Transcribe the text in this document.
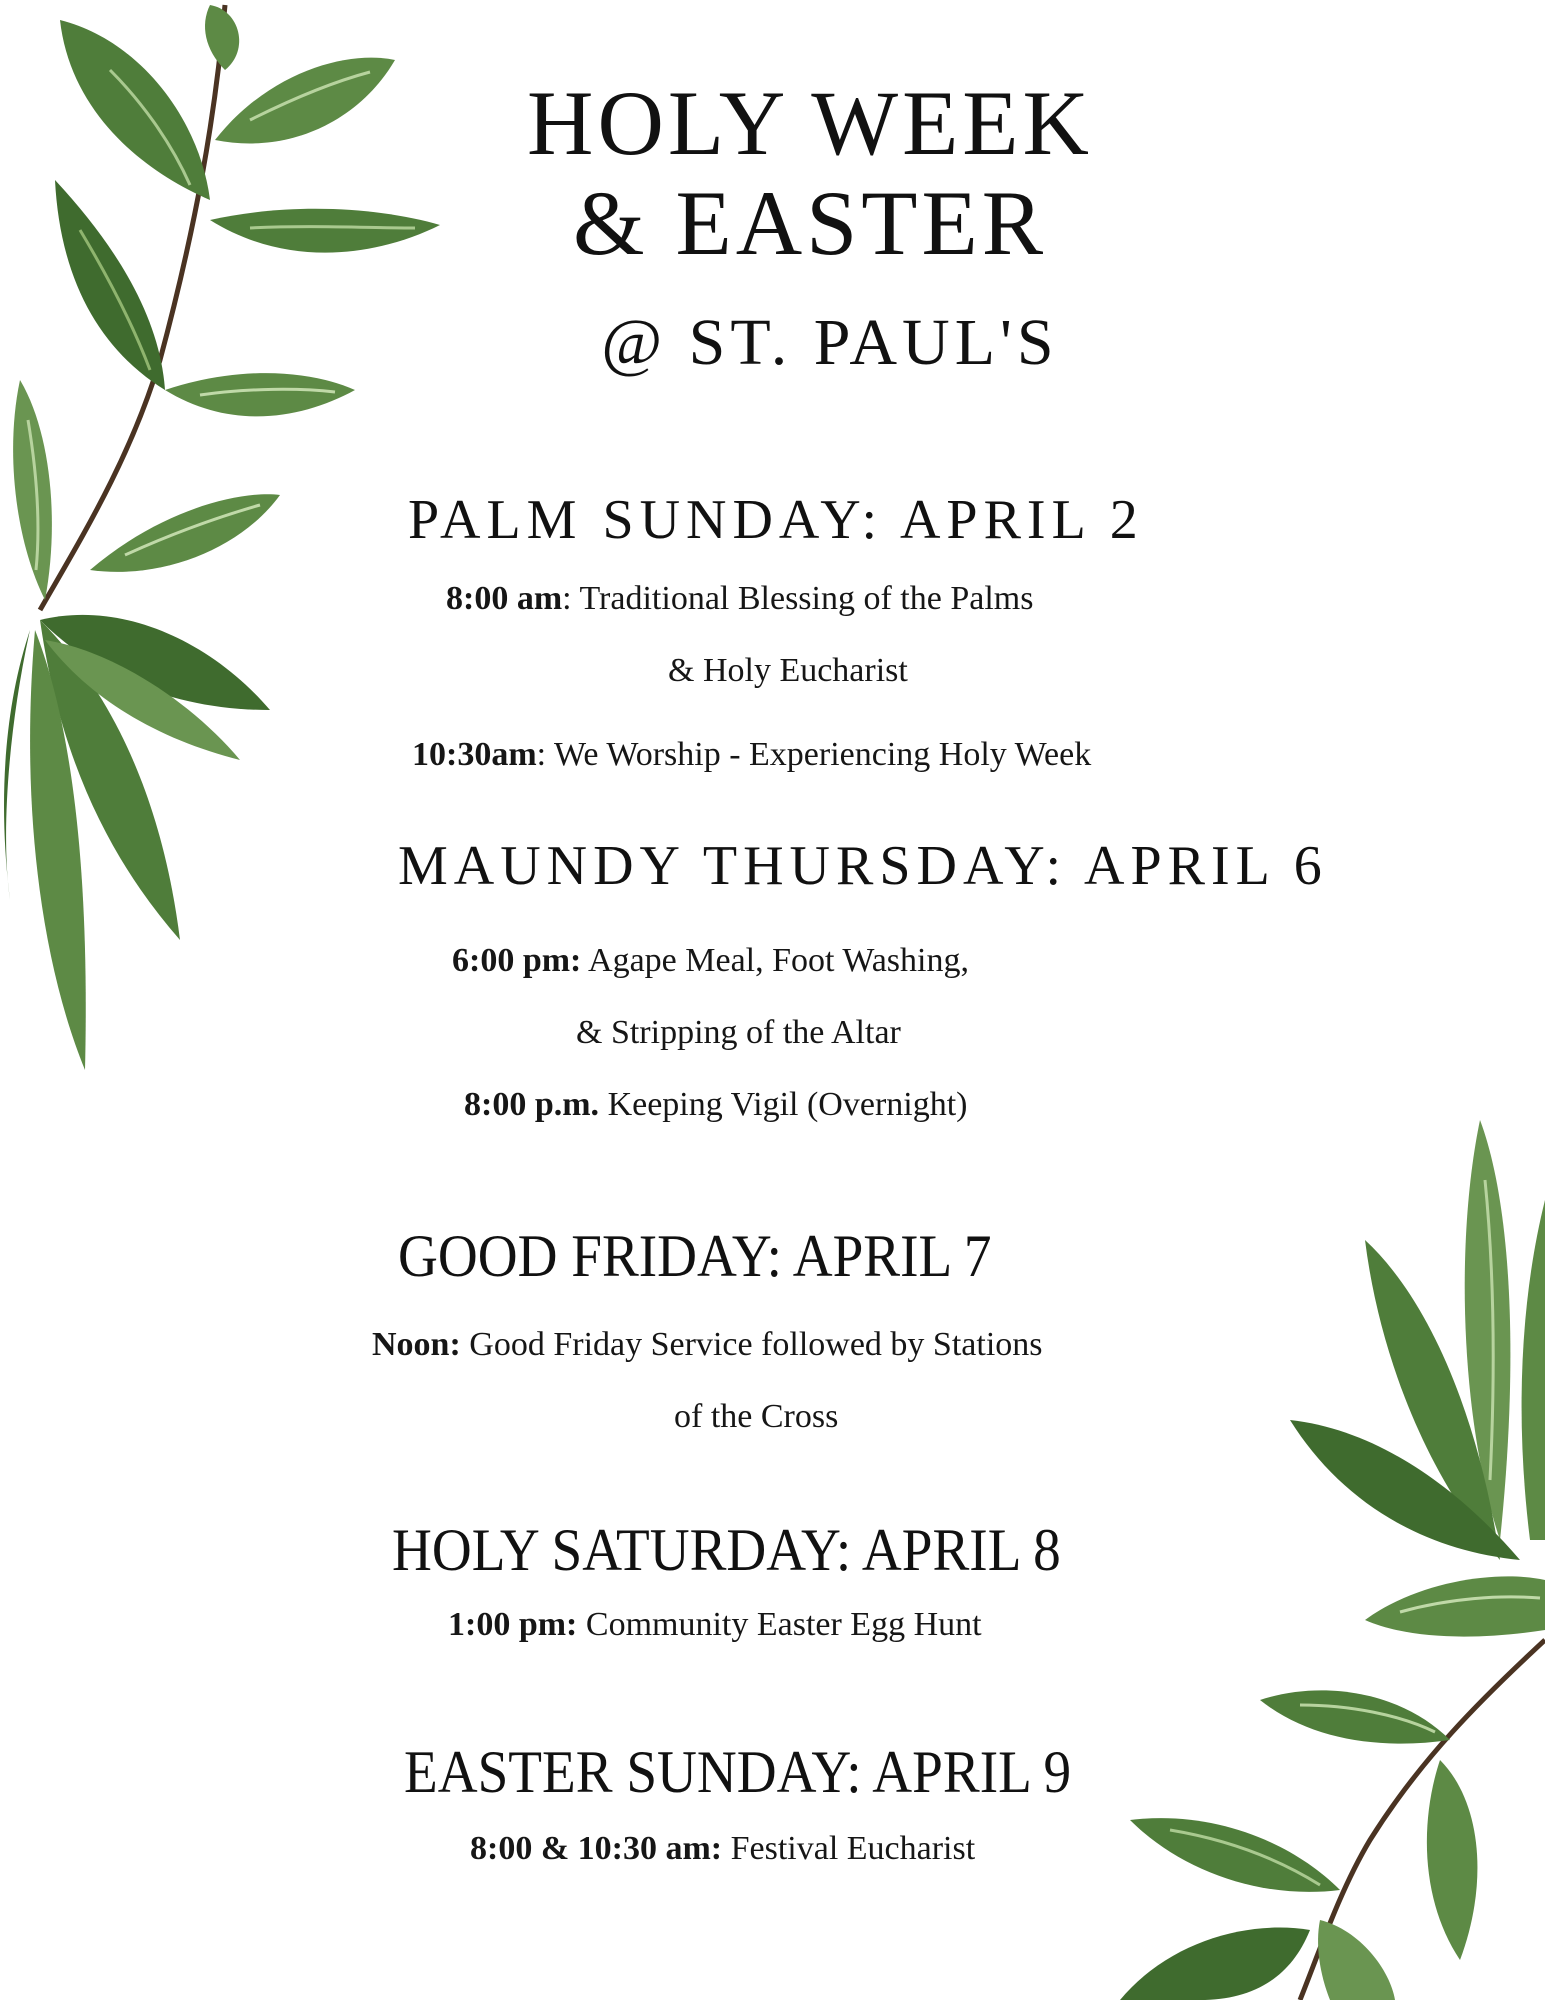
HOLY WEEK
& EASTER
@ ST. PAUL'S
PALM SUNDAY: APRIL 2
8:00 am: Traditional Blessing of the Palms
& Holy Eucharist
10:30am: We Worship - Experiencing Holy Week
MAUNDY THURSDAY: APRIL 6
6:00 pm: Agape Meal, Foot Washing,
& Stripping of the Altar
8:00 p.m. Keeping Vigil (Overnight)
GOOD FRIDAY: APRIL 7
Noon: Good Friday Service followed by Stations
of the Cross
HOLY SATURDAY: APRIL 8
1:00 pm: Community Easter Egg Hunt
EASTER SUNDAY: APRIL 9
8:00 & 10:30 am: Festival Eucharist
